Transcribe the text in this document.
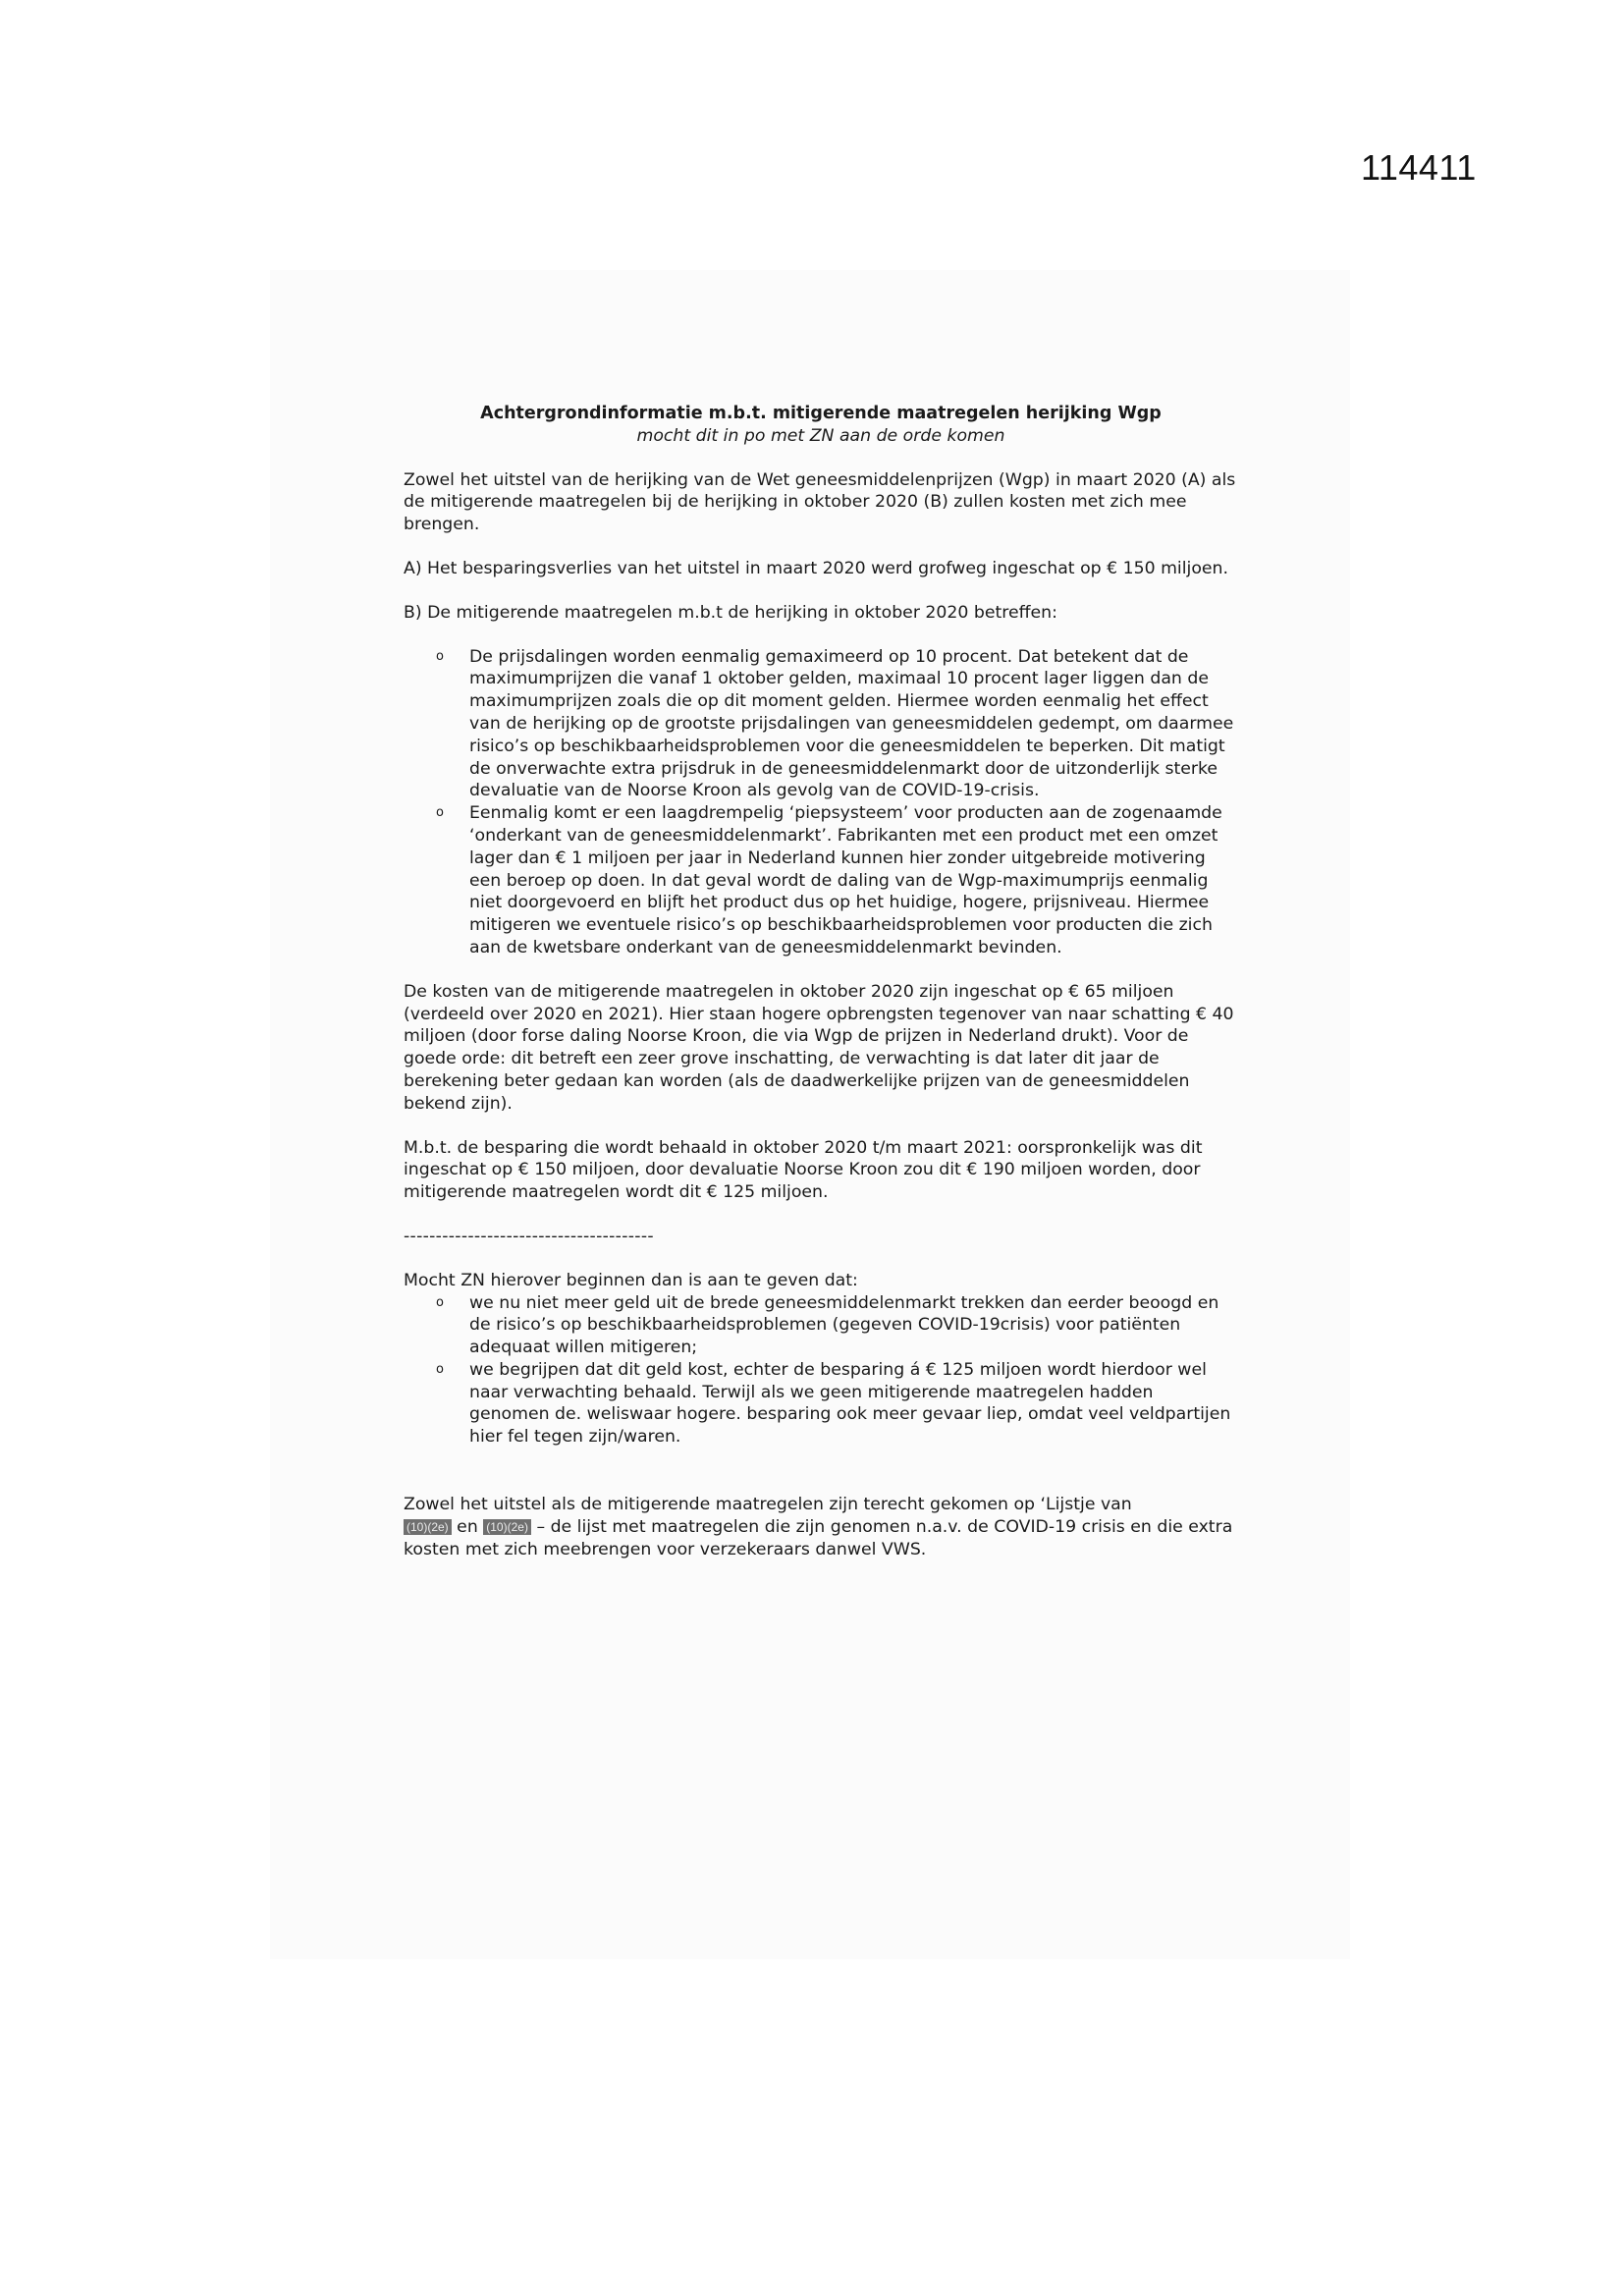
114411
Achtergrondinformatie m.b.t. mitigerende maatregelen herijking Wgp
mocht dit in po met ZN aan de orde komen

Zowel het uitstel van de herijking van de Wet geneesmiddelenprijzen (Wgp) in maart 2020 (A) als de mitigerende maatregelen bij de herijking in oktober 2020 (B) zullen kosten met zich mee brengen.

A) Het besparingsverlies van het uitstel in maart 2020 werd grofweg ingeschat op € 150 miljoen.

B) De mitigerende maatregelen m.b.t de herijking in oktober 2020 betreffen:

o De prijsdalingen worden eenmalig gemaximeerd op 10 procent. Dat betekent dat de maximumprijzen die vanaf 1 oktober gelden, maximaal 10 procent lager liggen dan de maximumprijzen zoals die op dit moment gelden. Hiermee worden eenmalig het effect van de herijking op de grootste prijsdalingen van geneesmiddelen gedempt, om daarmee risico’s op beschikbaarheidsproblemen voor die geneesmiddelen te beperken. Dit matigt de onverwachte extra prijsdruk in de geneesmiddelenmarkt door de uitzonderlijk sterke devaluatie van de Noorse Kroon als gevolg van de COVID-19-crisis.
o Eenmalig komt er een laagdrempelig ‘piepsysteem’ voor producten aan de zogenaamde ‘onderkant van de geneesmiddelenmarkt’. Fabrikanten met een product met een omzet lager dan € 1 miljoen per jaar in Nederland kunnen hier zonder uitgebreide motivering een beroep op doen. In dat geval wordt de daling van de Wgp-maximumprijs eenmalig niet doorgevoerd en blijft het product dus op het huidige, hogere, prijsniveau. Hiermee mitigeren we eventuele risico’s op beschikbaarheidsproblemen voor producten die zich aan de kwetsbare onderkant van de geneesmiddelenmarkt bevinden.

De kosten van de mitigerende maatregelen in oktober 2020 zijn ingeschat op € 65 miljoen (verdeeld over 2020 en 2021). Hier staan hogere opbrengsten tegenover van naar schatting € 40 miljoen (door forse daling Noorse Kroon, die via Wgp de prijzen in Nederland drukt). Voor de goede orde: dit betreft een zeer grove inschatting, de verwachting is dat later dit jaar de berekening beter gedaan kan worden (als de daadwerkelijke prijzen van de geneesmiddelen bekend zijn).

M.b.t. de besparing die wordt behaald in oktober 2020 t/m maart 2021: oorspronkelijk was dit ingeschat op € 150 miljoen, door devaluatie Noorse Kroon zou dit € 190 miljoen worden, door mitigerende maatregelen wordt dit € 125 miljoen.

---------------------------------------

Mocht ZN hierover beginnen dan is aan te geven dat:

o we nu niet meer geld uit de brede geneesmiddelenmarkt trekken dan eerder beoogd en de risico’s op beschikbaarheidsproblemen (gegeven COVID-19crisis) voor patiënten adequaat willen mitigeren;
o we begrijpen dat dit geld kost, echter de besparing á € 125 miljoen wordt hierdoor wel naar verwachting behaald. Terwijl als we geen mitigerende maatregelen hadden genomen de. weliswaar hogere. besparing ook meer gevaar liep, omdat veel veldpartijen hier fel tegen zijn/waren.

Zowel het uitstel als de mitigerende maatregelen zijn terecht gekomen op ‘Lijstje van
(10)(2e) en (10)(2e) – de lijst met maatregelen die zijn genomen n.a.v. de COVID-19 crisis en die extra kosten met zich meebrengen voor verzekeraars danwel VWS.
